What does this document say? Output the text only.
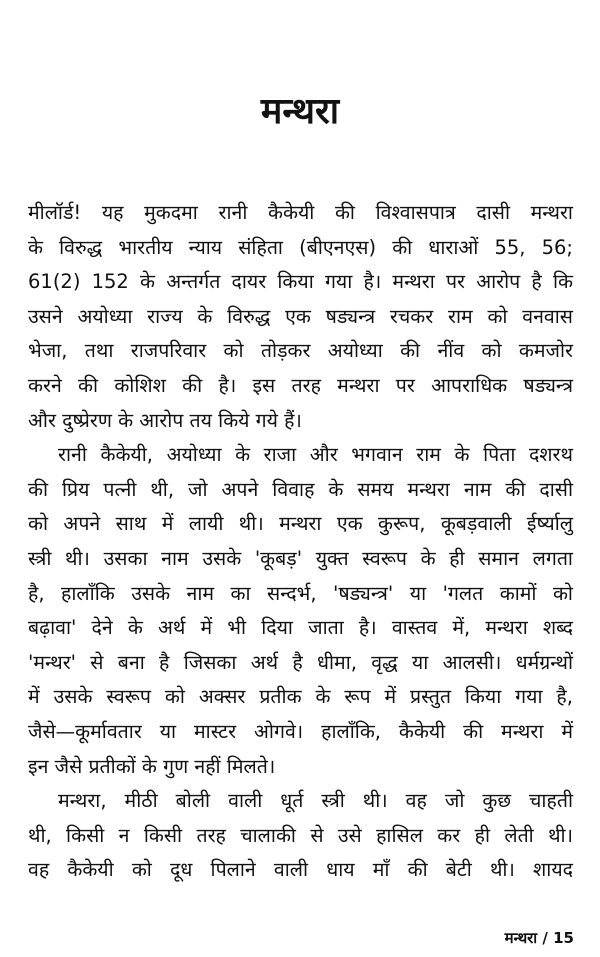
मन्थरा
मीलॉर्ड! यह मुकदमा रानी कैकेयी की विश्वासपात्र दासी मन्थरा
के विरुद्ध भारतीय न्याय संहिता (बीएनएस) की धाराओं 55, 56;
61(2) 152 के अन्तर्गत दायर किया गया है। मन्थरा पर आरोप है कि
उसने अयोध्या राज्य के विरुद्ध एक षड्यन्त्र रचकर राम को वनवास
भेजा, तथा राजपरिवार को तोड़कर अयोध्या की नींव को कमजोर
करने की कोशिश की है। इस तरह मन्थरा पर आपराधिक षड्यन्त्र
और दुष्प्रेरण के आरोप तय किये गये हैं।
रानी कैकेयी, अयोध्या के राजा और भगवान राम के पिता दशरथ
की प्रिय पत्नी थी, जो अपने विवाह के समय मन्थरा नाम की दासी
को अपने साथ में लायी थी। मन्थरा एक कुरूप, कूबड़वाली ईर्ष्यालु
स्त्री थी। उसका नाम उसके 'कूबड़' युक्त स्वरूप के ही समान लगता
है, हालाँकि उसके नाम का सन्दर्भ, 'षड्यन्त्र' या 'गलत कामों को
बढ़ावा' देने के अर्थ में भी दिया जाता है। वास्तव में, मन्थरा शब्द
'मन्थर' से बना है जिसका अर्थ है धीमा, वृद्ध या आलसी। धर्मग्रन्थों
में उसके स्वरूप को अक्सर प्रतीक के रूप में प्रस्तुत किया गया है,
जैसे—कूर्मावतार या मास्टर ओगवे। हालाँकि, कैकेयी की मन्थरा में
इन जैसे प्रतीकों के गुण नहीं मिलते।
मन्थरा, मीठी बोली वाली धूर्त स्त्री थी। वह जो कुछ चाहती
थी, किसी न किसी तरह चालाकी से उसे हासिल कर ही लेती थी।
वह कैकेयी को दूध पिलाने वाली धाय माँ की बेटी थी। शायद
मन्थरा / 15
